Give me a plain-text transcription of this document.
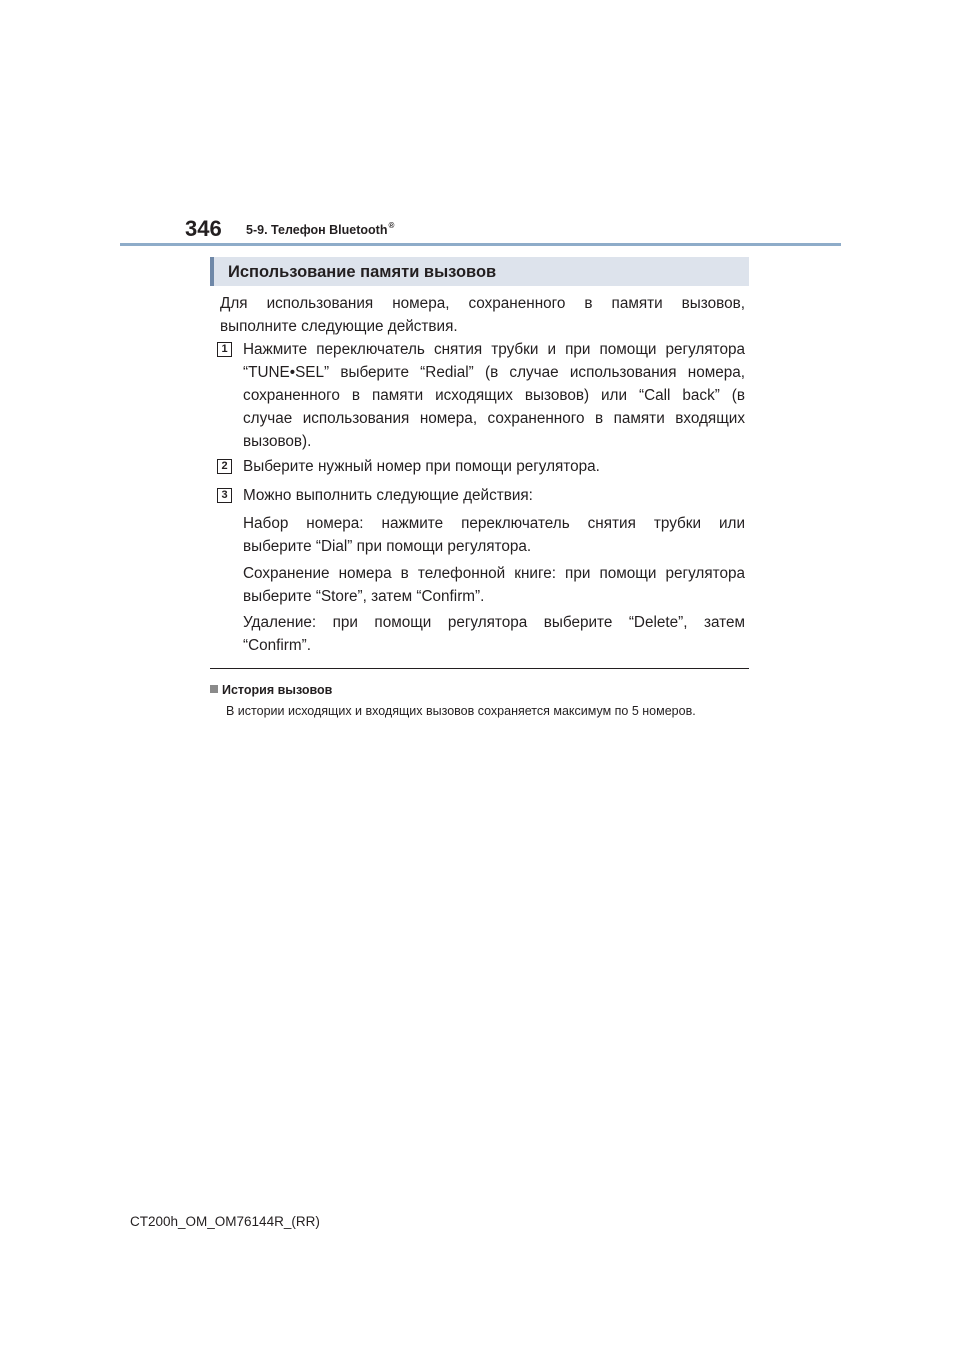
346 5-9. Телефон Bluetooth®
Использование памяти вызовов
Для использования номера, сохраненного в памяти вызовов,
выполните следующие действия.
1 Нажмите переключатель снятия трубки и при помощи регулятора
“TUNE•SEL” выберите “Redial” (в случае использования номера,
сохраненного в памяти исходящих вызовов) или “Call back” (в
случае использования номера, сохраненного в памяти входящих
вызовов).
2 Выберите нужный номер при помощи регулятора.
3 Можно выполнить следующие действия:
Набор номера: нажмите переключатель снятия трубки или
выберите “Dial” при помощи регулятора.
Сохранение номера в телефонной книге: при помощи регулятора
выберите “Store”, затем “Confirm”.
Удаление: при помощи регулятора выберите “Delete”, затем
“Confirm”.
История вызовов
В истории исходящих и входящих вызовов сохраняется максимум по 5 номеров.
CT200h_OM_OM76144R_(RR)
